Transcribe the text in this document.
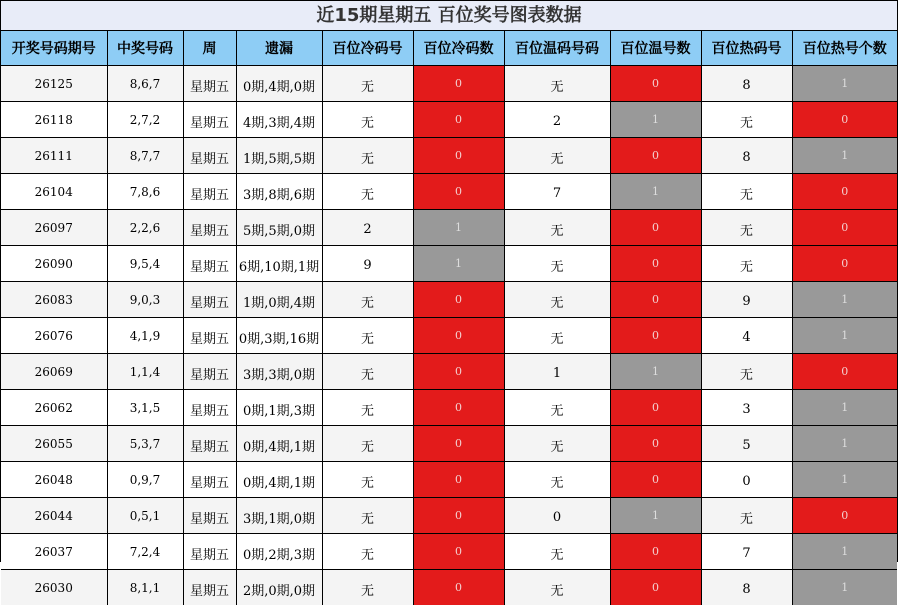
近15期星期五 百位奖号图表数据
开奖号码期号	中奖号码	周	遗漏	百位冷码号	百位冷码数	百位温码号码	百位温号数	百位热码号	百位热号个数
26125	8,6,7	星期五	0期,4期,0期	无	0	无	0	8	1
26118	2,7,2	星期五	4期,3期,4期	无	0	2	1	无	0
26111	8,7,7	星期五	1期,5期,5期	无	0	无	0	8	1
26104	7,8,6	星期五	3期,8期,6期	无	0	7	1	无	0
26097	2,2,6	星期五	5期,5期,0期	2	1	无	0	无	0
26090	9,5,4	星期五	6期,10期,1期	9	1	无	0	无	0
26083	9,0,3	星期五	1期,0期,4期	无	0	无	0	9	1
26076	4,1,9	星期五	0期,3期,16期	无	0	无	0	4	1
26069	1,1,4	星期五	3期,3期,0期	无	0	1	1	无	0
26062	3,1,5	星期五	0期,1期,3期	无	0	无	0	3	1
26055	5,3,7	星期五	0期,4期,1期	无	0	无	0	5	1
26048	0,9,7	星期五	0期,4期,1期	无	0	无	0	0	1
26044	0,5,1	星期五	3期,1期,0期	无	0	0	1	无	0
26037	7,2,4	星期五	0期,2期,3期	无	0	无	0	7	1
26030	8,1,1	星期五	2期,0期,0期	无	0	无	0	8	1
